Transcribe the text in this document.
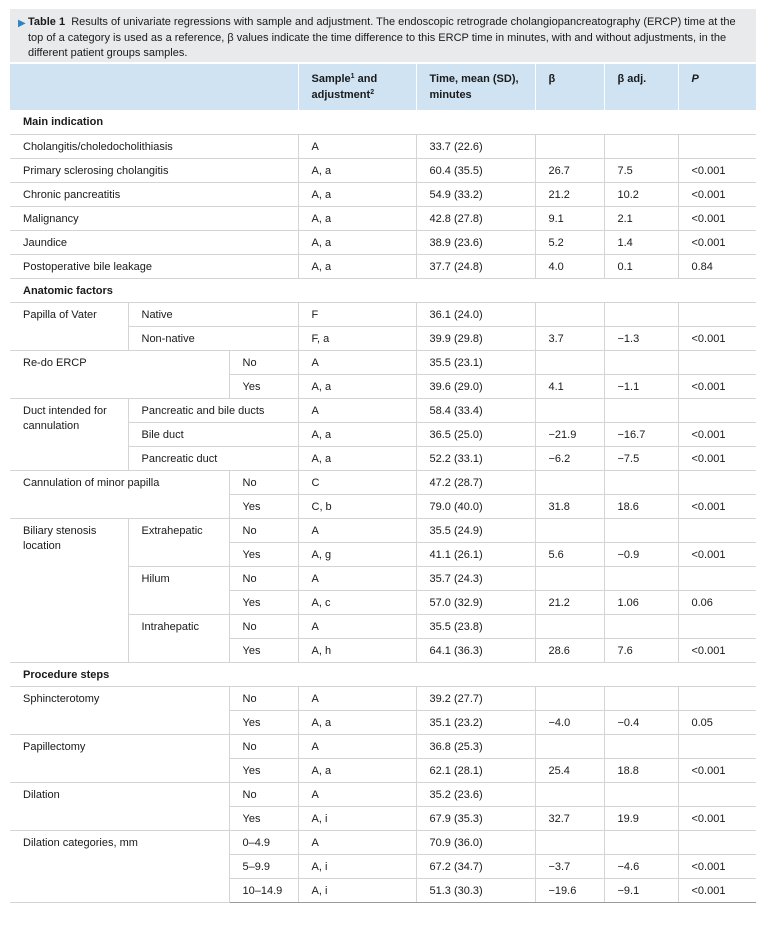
▶ Table 1 Results of univariate regressions with sample and adjustment. The endoscopic retrograde cholangiopancreatography (ERCP) time at the top of a category is used as a reference, β values indicate the time difference to this ERCP time in minutes, with and without adjustments, in the different patient groups samples.
			Sample$^1$ and adjustment$^2$	Time, mean (SD), minutes	β	β adj.	P
Main indication							
Cholangitis/choledocholithiasis			A	33.7 (22.6)			
Primary sclerosing cholangitis			A, a	60.4 (35.5)	26.7	7.5	<0.001
Chronic pancreatitis			A, a	54.9 (33.2)	21.2	10.2	<0.001
Malignancy			A, a	42.8 (27.8)	9.1	2.1	<0.001
Jaundice			A, a	38.9 (23.6)	5.2	1.4	<0.001
Postoperative bile leakage			A, a	37.7 (24.8)	4.0	0.1	0.84
Anatomic factors							
Papilla of Vater	Native		F	36.1 (24.0)			
	Non-native		F, a	39.9 (29.8)	3.7	−1.3	<0.001
Re-do ERCP		No	A	35.5 (23.1)			
		Yes	A, a	39.6 (29.0)	4.1	−1.1	<0.001
Duct intended for cannulation	Pancreatic and bile ducts		A	58.4 (33.4)			
	Bile duct		A, a	36.5 (25.0)	−21.9	−16.7	<0.001
	Pancreatic duct		A, a	52.2 (33.1)	−6.2	−7.5	<0.001
Cannulation of minor papilla		No	C	47.2 (28.7)			
		Yes	C, b	79.0 (40.0)	31.8	18.6	<0.001
Biliary stenosis location	Extrahepatic	No	A	35.5 (24.9)			
		Yes	A, g	41.1 (26.1)	5.6	−0.9	<0.001
	Hilum	No	A	35.7 (24.3)			
		Yes	A, c	57.0 (32.9)	21.2	1.06	0.06
	Intrahepatic	No	A	35.5 (23.8)			
		Yes	A, h	64.1 (36.3)	28.6	7.6	<0.001
Procedure steps							
Sphincterotomy		No	A	39.2 (27.7)			
		Yes	A, a	35.1 (23.2)	−4.0	−0.4	0.05
Papillectomy		No	A	36.8 (25.3)			
		Yes	A, a	62.1 (28.1)	25.4	18.8	<0.001
Dilation		No	A	35.2 (23.6)			
		Yes	A, i	67.9 (35.3)	32.7	19.9	<0.001
Dilation categories, mm		0–4.9	A	70.9 (36.0)			
		5–9.9	A, i	67.2 (34.7)	−3.7	−4.6	<0.001
		10–14.9	A, i	51.3 (30.3)	−19.6	−9.1	<0.001
